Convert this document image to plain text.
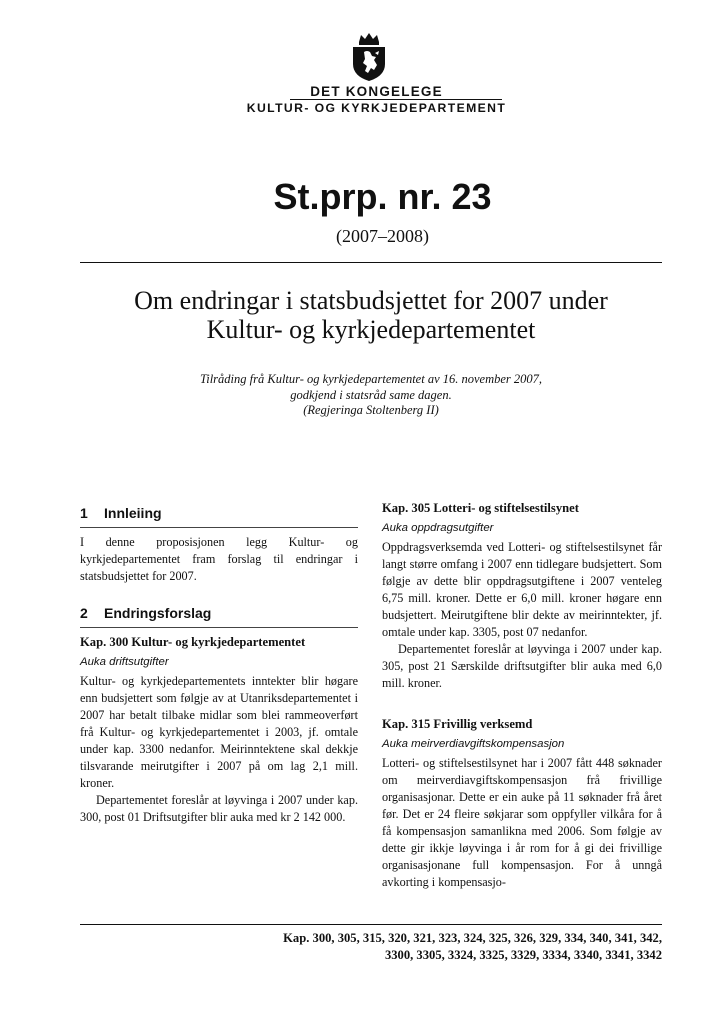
DET KONGELEGE
KULTUR- OG KYRKJEDEPARTEMENT
St.prp. nr. 23
(2007–2008)
Om endringar i statsbudsjettet for 2007 under
Kultur- og kyrkjedepartementet
Tilråding frå Kultur- og kyrkjedepartementet av 16. november 2007,
godkjend i statsråd same dagen.
(Regjeringa Stoltenberg II)
1 Innleiing

I denne proposisjonen legg Kultur- og kyrkjedepartementet fram forslag til endringar i statsbudsjettet for 2007.

2 Endringsforslag
Kap. 300 Kultur- og kyrkjedepartementet
Auka driftsutgifter

Kultur- og kyrkjedepartementets inntekter blir høgare enn budsjettert som følgje av at Utanriksdepartementet i 2007 har betalt tilbake midlar som blei rammeoverført frå Kultur- og kyrkjedepartementet i 2003, jf. omtale under kap. 3300 nedanfor. Meirinntektene skal dekkje tilsvarande meirutgifter i 2007 på om lag 2,1 mill. kroner.

Departementet foreslår at løyvinga i 2007 under kap. 300, post 01 Driftsutgifter blir auka med kr 2 142 000.

Kap. 305 Lotteri- og stiftelsestilsynet
Auka oppdragsutgifter

Oppdragsverksemda ved Lotteri- og stiftelsestilsynet får langt større omfang i 2007 enn tidlegare budsjettert. Som følgje av dette blir oppdragsutgiftene i 2007 venteleg 6,75 mill. kroner. Dette er 6,0 mill. kroner høgare enn budsjettert. Meirutgiftene blir dekte av meirinntekter, jf. omtale under kap. 3305, post 07 nedanfor.

Departementet foreslår at løyvinga i 2007 under kap. 305, post 21 Særskilde driftsutgifter blir auka med 6,0 mill. kroner.

Kap. 315 Frivillig verksemd
Auka meirverdiavgiftskompensasjon

Lotteri- og stiftelsestilsynet har i 2007 fått 448 søknader om meirverdiavgiftskompensasjon frå frivillige organisasjonar. Dette er ein auke på 11 søknader frå året før. Det er 24 fleire søkjarar som oppfyller vilkåra for å få kompensasjon samanlikna med 2006. Som følgje av dette gir ikkje løyvinga i år rom for å gi dei frivillige organisasjonane full kompensasjon. For å unngå avkorting i kompensasjo-

Kap. 300, 305, 315, 320, 321, 323, 324, 325, 326, 329, 334, 340, 341, 342,
3300, 3305, 3324, 3325, 3329, 3334, 3340, 3341, 3342
